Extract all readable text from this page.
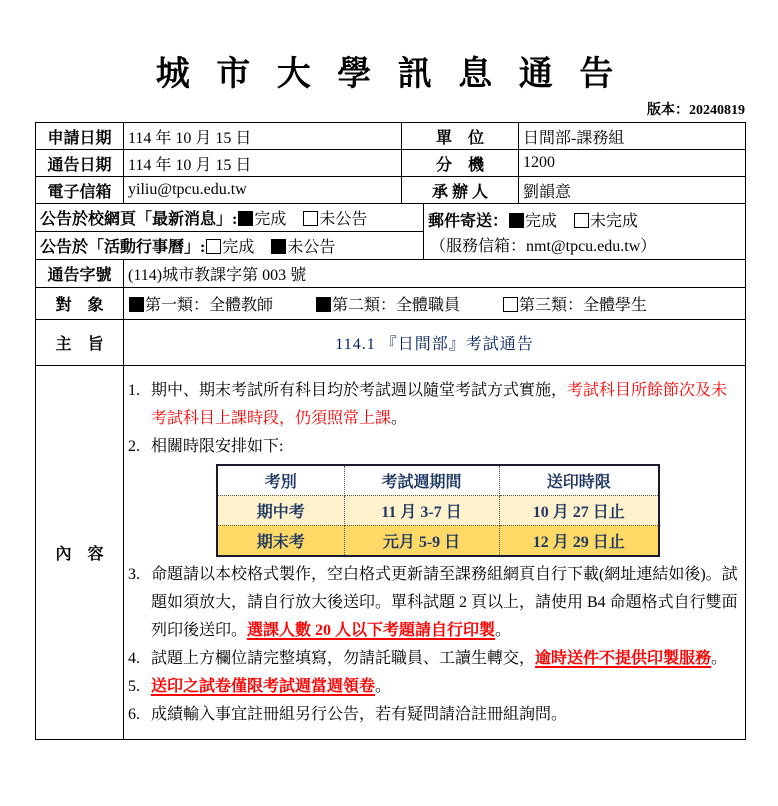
城 市 大 學 訊 息 通 告
版本：20240819
申請日期	114 年 10 月 15 日	單　位	日間部-課務組
通告日期	114 年 10 月 15 日	分　機	1200
電子信箱	yiliu@tpcu.edu.tw	承 辦 人	劉韻意
公告於校網頁「最新消息」: 完成 未公告	郵件寄送： 完成 未完成
（服務信箱：nmt@tpcu.edu.tw）

公告於「活動行事曆」: 完成 未公告
通告字號	(114)城市教課字第 003 號
對　象	第一類：全體教師	第二類：全體職員	第三類：全體學生
主　旨	114.1 『日間部』考試通告
內　容	
1. 期中、期末考試所有科目均於考試週以隨堂考試方式實施，考試科目所餘節次及未考試科目上課時段，仍須照常上課。
2. 相關時限安排如下:
考別	考試週期間	送印時限
期中考	11 月 3-7 日	10 月 27 日止
期末考	元月 5-9 日	12 月 29 日止
3. 命題請以本校格式製作，空白格式更新請至課務組網頁自行下載(網址連結如後)。試題如須放大，請自行放大後送印。單科試題 2 頁以上，請使用 B4 命題格式自行雙面列印後送印。選課人數 20 人以下考題請自行印製。
4. 試題上方欄位請完整填寫，勿請託職員、工讀生轉交，逾時送件不提供印製服務。
5. 送印之試卷僅限考試週當週領卷。
6. 成績輸入事宜註冊組另行公告，若有疑問請洽註冊組詢問。
